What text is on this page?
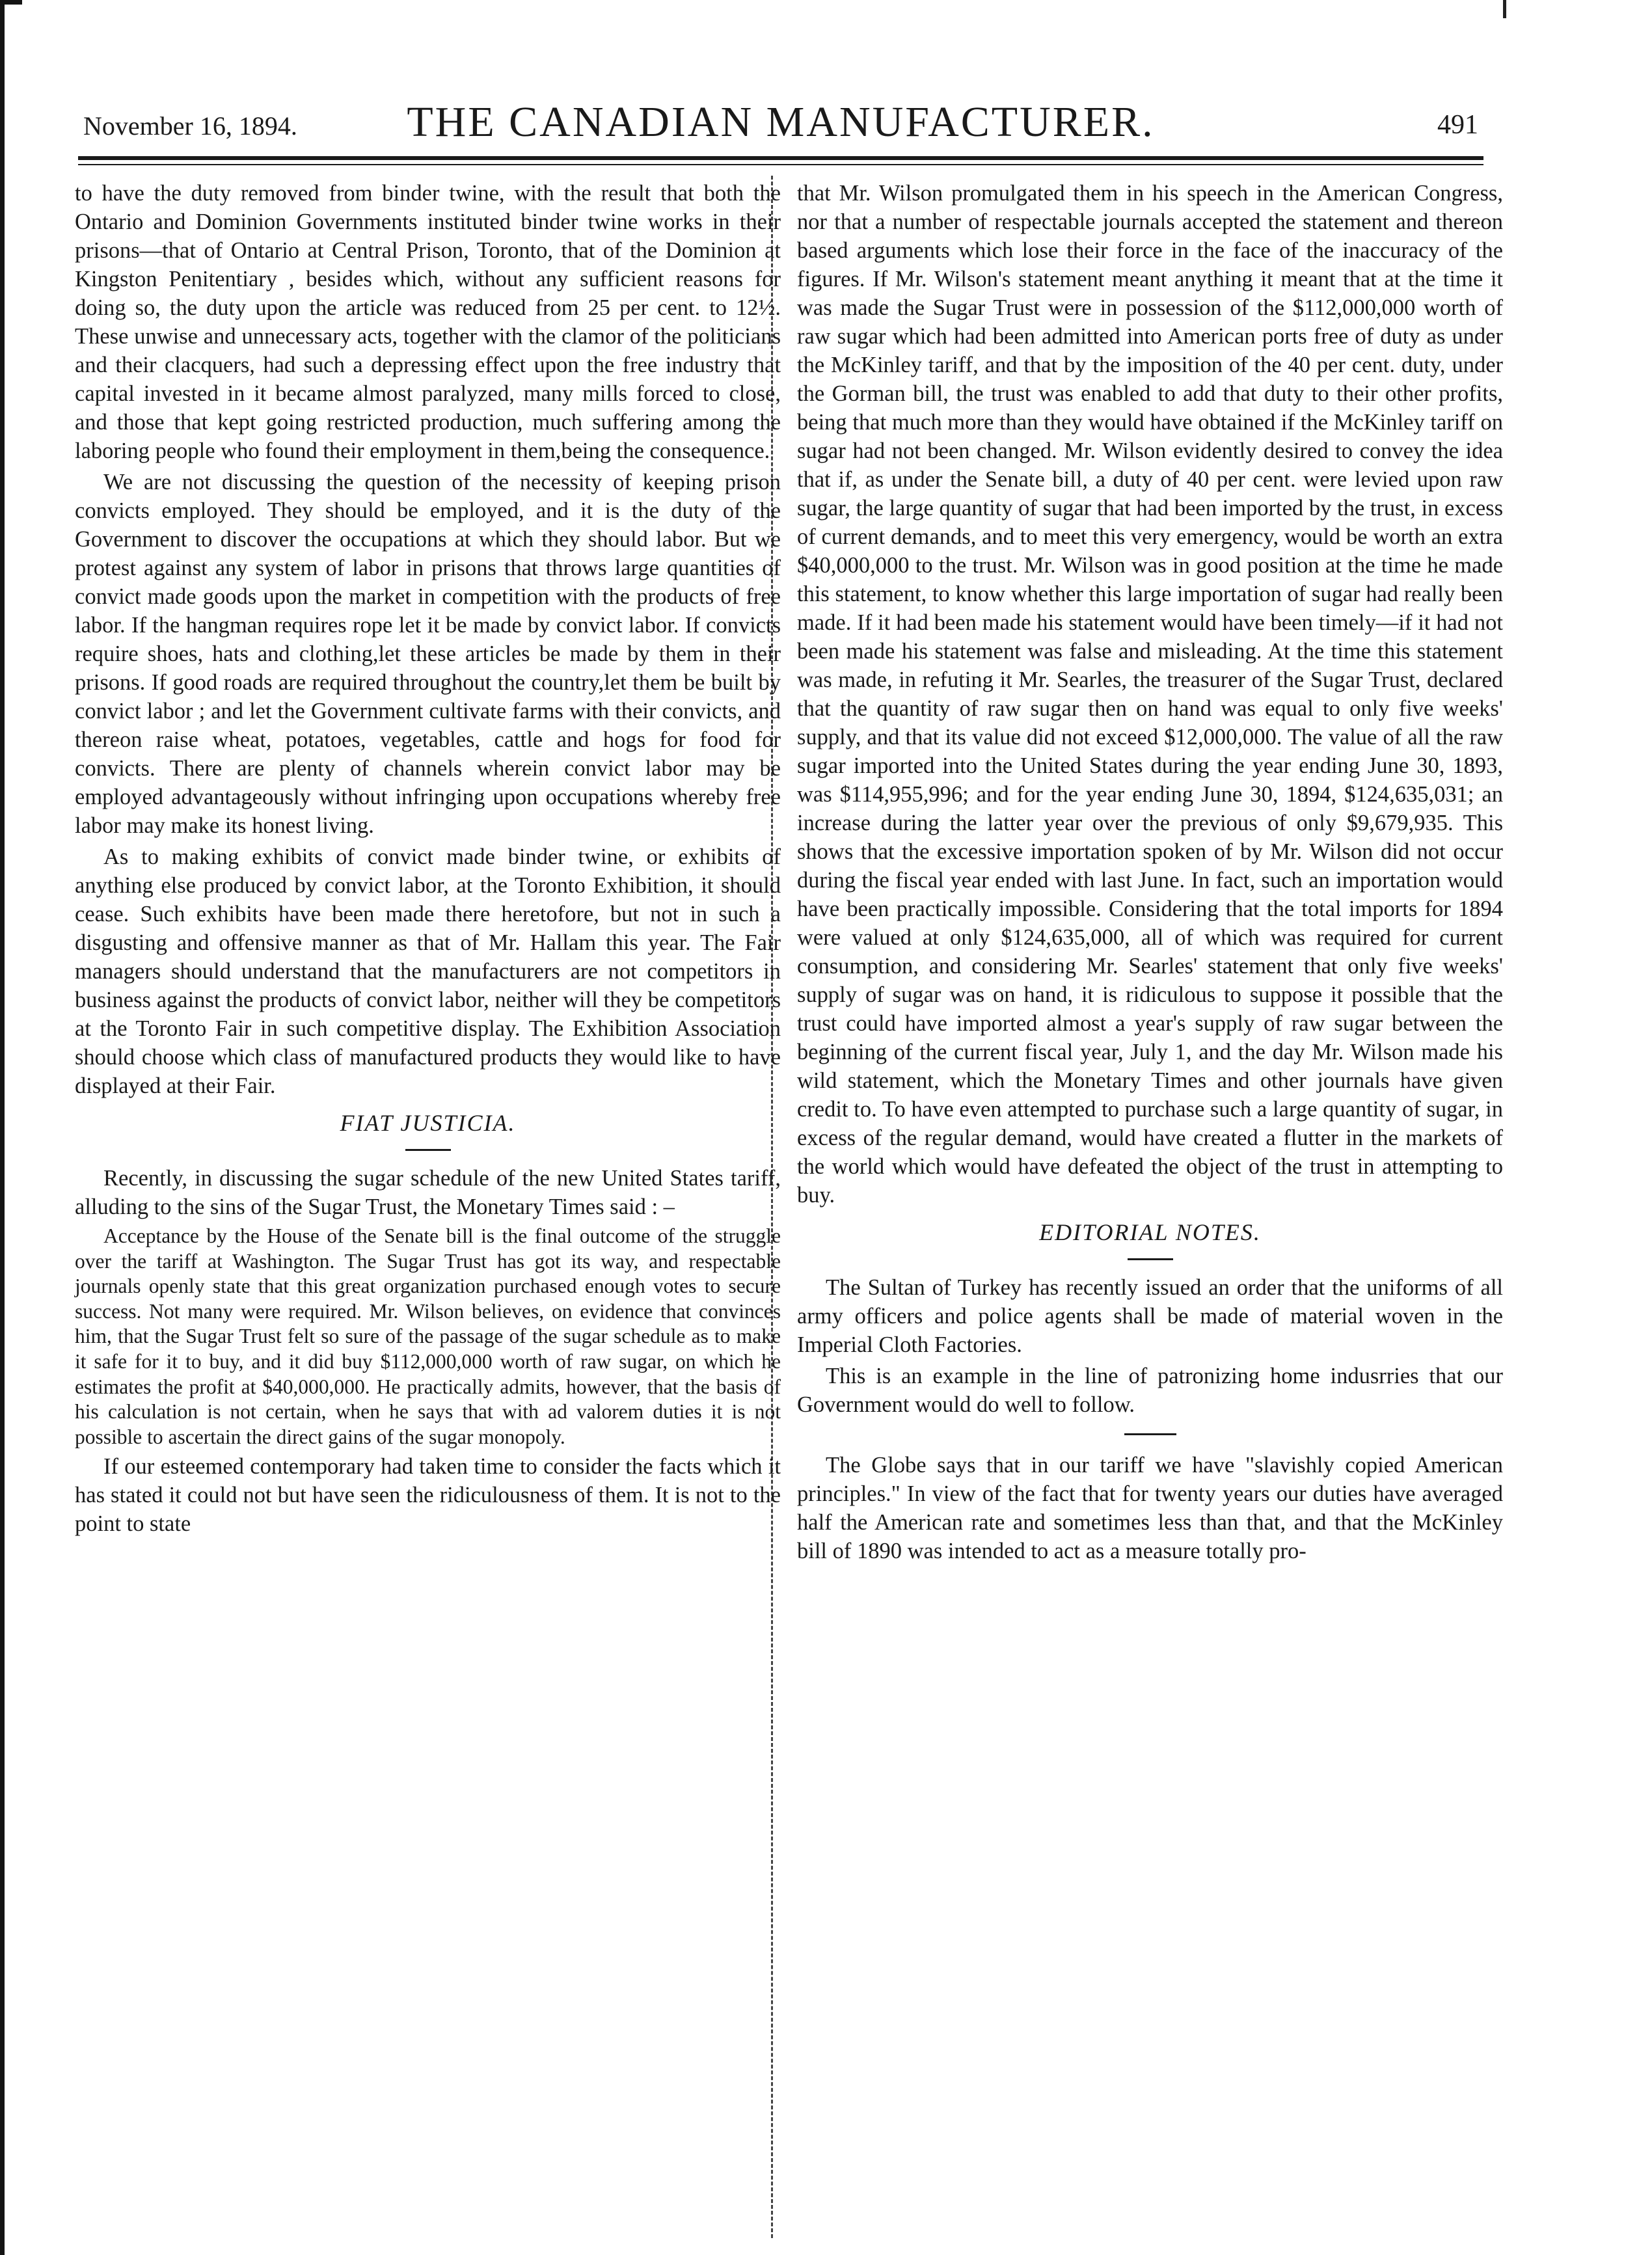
November 16, 1894.	THE CANADIAN MANUFACTURER.	491

to have the duty removed from binder twine, with the result that both the Ontario and Dominion Governments instituted binder twine works in their prisons—that of Ontario at Central Prison, Toronto, that of the Dominion at Kingston Penitentiary , besides which, without any sufficient reasons for doing so, the duty upon the article was reduced from 25 per cent. to 12½. These unwise and unnecessary acts, together with the clamor of the politicians and their clacquers, had such a depressing effect upon the free industry that capital invested in it became almost paralyzed, many mills forced to close, and those that kept going restricted production, much suffering among the laboring people who found their employment in them,being the consequence.

We are not discussing the question of the necessity of keeping prison convicts employed. They should be employed, and it is the duty of the Government to discover the occupations at which they should labor. But we protest against any system of labor in prisons that throws large quantities of convict made goods upon the market in competition with the products of free labor. If the hangman requires rope let it be made by convict labor. If convicts require shoes, hats and clothing,let these articles be made by them in their prisons. If good roads are required throughout the country,let them be built by convict labor ; and let the Government cultivate farms with their convicts, and thereon raise wheat, potatoes, vegetables, cattle and hogs for food for convicts. There are plenty of channels wherein convict labor may be employed advantageously without infringing upon occupations whereby free labor may make its honest living.

As to making exhibits of convict made binder twine, or exhibits of anything else produced by convict labor, at the Toronto Exhibition, it should cease. Such exhibits have been made there heretofore, but not in such a disgusting and offensive manner as that of Mr. Hallam this year. The Fair managers should understand that the manufacturers are not competitors in business against the products of convict labor, neither will they be competitors at the Toronto Fair in such competitive display. The Exhibition Association should choose which class of manufactured products they would like to have displayed at their Fair.

FIAT JUSTICIA.

Recently, in discussing the sugar schedule of the new United States tariff, alluding to the sins of the Sugar Trust, the Monetary Times said : –

Acceptance by the House of the Senate bill is the final outcome of the struggle over the tariff at Washington. The Sugar Trust has got its way, and respectable journals openly state that this great organization purchased enough votes to secure success. Not many were required. Mr. Wilson believes, on evidence that convinces him, that the Sugar Trust felt so sure of the passage of the sugar schedule as to make it safe for it to buy, and it did buy $112,000,000 worth of raw sugar, on which he estimates the profit at $40,000,000. He practically admits, however, that the basis of his calculation is not certain, when he says that with ad valorem duties it is not possible to ascertain the direct gains of the sugar monopoly.

If our esteemed contemporary had taken time to consider the facts which it has stated it could not but have seen the ridiculousness of them. It is not to the point to state

that Mr. Wilson promulgated them in his speech in the American Congress, nor that a number of respectable journals accepted the statement and thereon based arguments which lose their force in the face of the inaccuracy of the figures. If Mr. Wilson's statement meant anything it meant that at the time it was made the Sugar Trust were in possession of the $112,000,000 worth of raw sugar which had been admitted into American ports free of duty as under the McKinley tariff, and that by the imposition of the 40 per cent. duty, under the Gorman bill, the trust was enabled to add that duty to their other profits, being that much more than they would have obtained if the McKinley tariff on sugar had not been changed. Mr. Wilson evidently desired to convey the idea that if, as under the Senate bill, a duty of 40 per cent. were levied upon raw sugar, the large quantity of sugar that had been imported by the trust, in excess of current demands, and to meet this very emergency, would be worth an extra $40,000,000 to the trust. Mr. Wilson was in good position at the time he made this statement, to know whether this large importation of sugar had really been made. If it had been made his statement would have been timely—if it had not been made his statement was false and misleading. At the time this statement was made, in refuting it Mr. Searles, the treasurer of the Sugar Trust, declared that the quantity of raw sugar then on hand was equal to only five weeks' supply, and that its value did not exceed $12,000,000. The value of all the raw sugar imported into the United States during the year ending June 30, 1893, was $114,955,996; and for the year ending June 30, 1894, $124,635,031; an increase during the latter year over the previous of only $9,679,935. This shows that the excessive importation spoken of by Mr. Wilson did not occur during the fiscal year ended with last June. In fact, such an importation would have been practically impossible. Considering that the total imports for 1894 were valued at only $124,635,000, all of which was required for current consumption, and considering Mr. Searles' statement that only five weeks' supply of sugar was on hand, it is ridiculous to suppose it possible that the trust could have imported almost a year's supply of raw sugar between the beginning of the current fiscal year, July 1, and the day Mr. Wilson made his wild statement, which the Monetary Times and other journals have given credit to. To have even attempted to purchase such a large quantity of sugar, in excess of the regular demand, would have created a flutter in the markets of the world which would have defeated the object of the trust in attempting to buy.

EDITORIAL NOTES.

The Sultan of Turkey has recently issued an order that the uniforms of all army officers and police agents shall be made of material woven in the Imperial Cloth Factories.

This is an example in the line of patronizing home indusrries that our Government would do well to follow.

The Globe says that in our tariff we have "slavishly copied American principles." In view of the fact that for twenty years our duties have averaged half the American rate and sometimes less than that, and that the McKinley bill of 1890 was intended to act as a measure totally pro-
